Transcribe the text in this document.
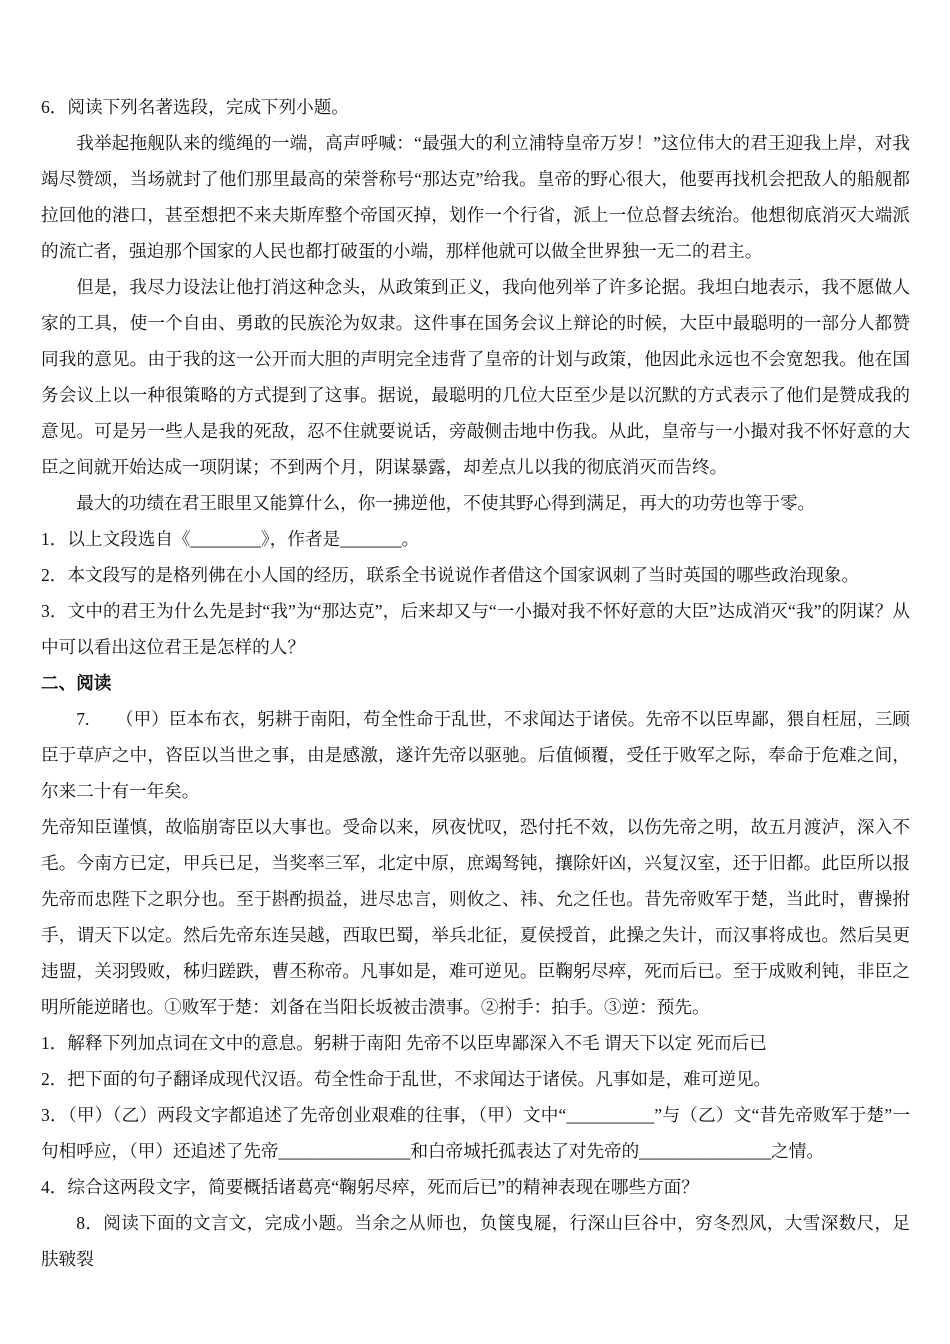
6．阅读下列名著选段，完成下列小题。

我举起拖舰队来的缆绳的一端，高声呼喊：“最强大的利立浦特皇帝万岁！”这位伟大的君王迎我上岸，对我竭尽赞颂，当场就封了他们那里最高的荣誉称号“那达克”给我。皇帝的野心很大，他要再找机会把敌人的船舰都拉回他的港口，甚至想把不来夫斯库整个帝国灭掉，划作一个行省，派上一位总督去统治。他想彻底消灭大端派的流亡者，强迫那个国家的人民也都打破蛋的小端，那样他就可以做全世界独一无二的君主。

但是，我尽力设法让他打消这种念头，从政策到正义，我向他列举了许多论据。我坦白地表示，我不愿做人家的工具，使一个自由、勇敢的民族沦为奴隶。这件事在国务会议上辩论的时候，大臣中最聪明的一部分人都赞同我的意见。由于我的这一公开而大胆的声明完全违背了皇帝的计划与政策，他因此永远也不会宽恕我。他在国务会议上以一种很策略的方式提到了这事。据说，最聪明的几位大臣至少是以沉默的方式表示了他们是赞成我的意见。可是另一些人是我的死敌，忍不住就要说话，旁敲侧击地中伤我。从此，皇帝与一小撮对我不怀好意的大臣之间就开始达成一项阴谋；不到两个月，阴谋暴露，却差点儿以我的彻底消灭而告终。

最大的功绩在君王眼里又能算什么，你一拂逆他，不使其野心得到满足，再大的功劳也等于零。

1．以上文段选自《________》，作者是_______。

2．本文段写的是格列佛在小人国的经历，联系全书说说作者借这个国家讽刺了当时英国的哪些政治现象。

3．文中的君王为什么先是封“我”为“那达克”，后来却又与“一小撮对我不怀好意的大臣”达成消灭“我”的阴谋？从中可以看出这位君王是怎样的人？

二、阅读

7.　　（甲）臣本布衣，躬耕于南阳，苟全性命于乱世，不求闻达于诸侯。先帝不以臣卑鄙，猥自枉屈，三顾臣于草庐之中，咨臣以当世之事，由是感激，遂许先帝以驱驰。后值倾覆，受任于败军之际，奉命于危难之间，尔来二十有一年矣。

先帝知臣谨慎，故临崩寄臣以大事也。受命以来，夙夜忧叹，恐付托不效，以伤先帝之明，故五月渡泸，深入不毛。今南方已定，甲兵已足，当奖率三军，北定中原，庶竭驽钝，攘除奸凶，兴复汉室，还于旧都。此臣所以报先帝而忠陛下之职分也。至于斟酌损益，进尽忠言，则攸之、祎、允之任也。昔先帝败军于楚，当此时，曹操拊手，谓天下以定。然后先帝东连吴越，西取巴蜀，举兵北征，夏侯授首，此操之失计，而汉事将成也。然后吴更违盟，关羽毁败，秭归蹉跌，曹丕称帝。凡事如是，难可逆见。臣鞠躬尽瘁，死而后已。至于成败利钝，非臣之明所能逆睹也。①败军于楚：刘备在当阳长坂被击溃事。②拊手：拍手。③逆：预先。

1．解释下列加点词在文中的意息。躬耕于南阳 先帝不以臣卑鄙深入不毛 谓天下以定 死而后已

2．把下面的句子翻译成现代汉语。苟全性命于乱世，不求闻达于诸侯。凡事如是，难可逆见。

3．（甲）（乙）两段文字都追述了先帝创业艰难的往事，（甲）文中“__________”与（乙）文“昔先帝败军于楚”一句相呼应，（甲）还追述了先帝_______________和白帝城托孤表达了对先帝的_______________之情。

4．综合这两段文字，简要概括诸葛亮“鞠躬尽瘁，死而后已”的精神表现在哪些方面？

8．阅读下面的文言文，完成小题。当余之从师也，负箧曳屣，行深山巨谷中，穷冬烈风，大雪深数尺，足肤皲裂
